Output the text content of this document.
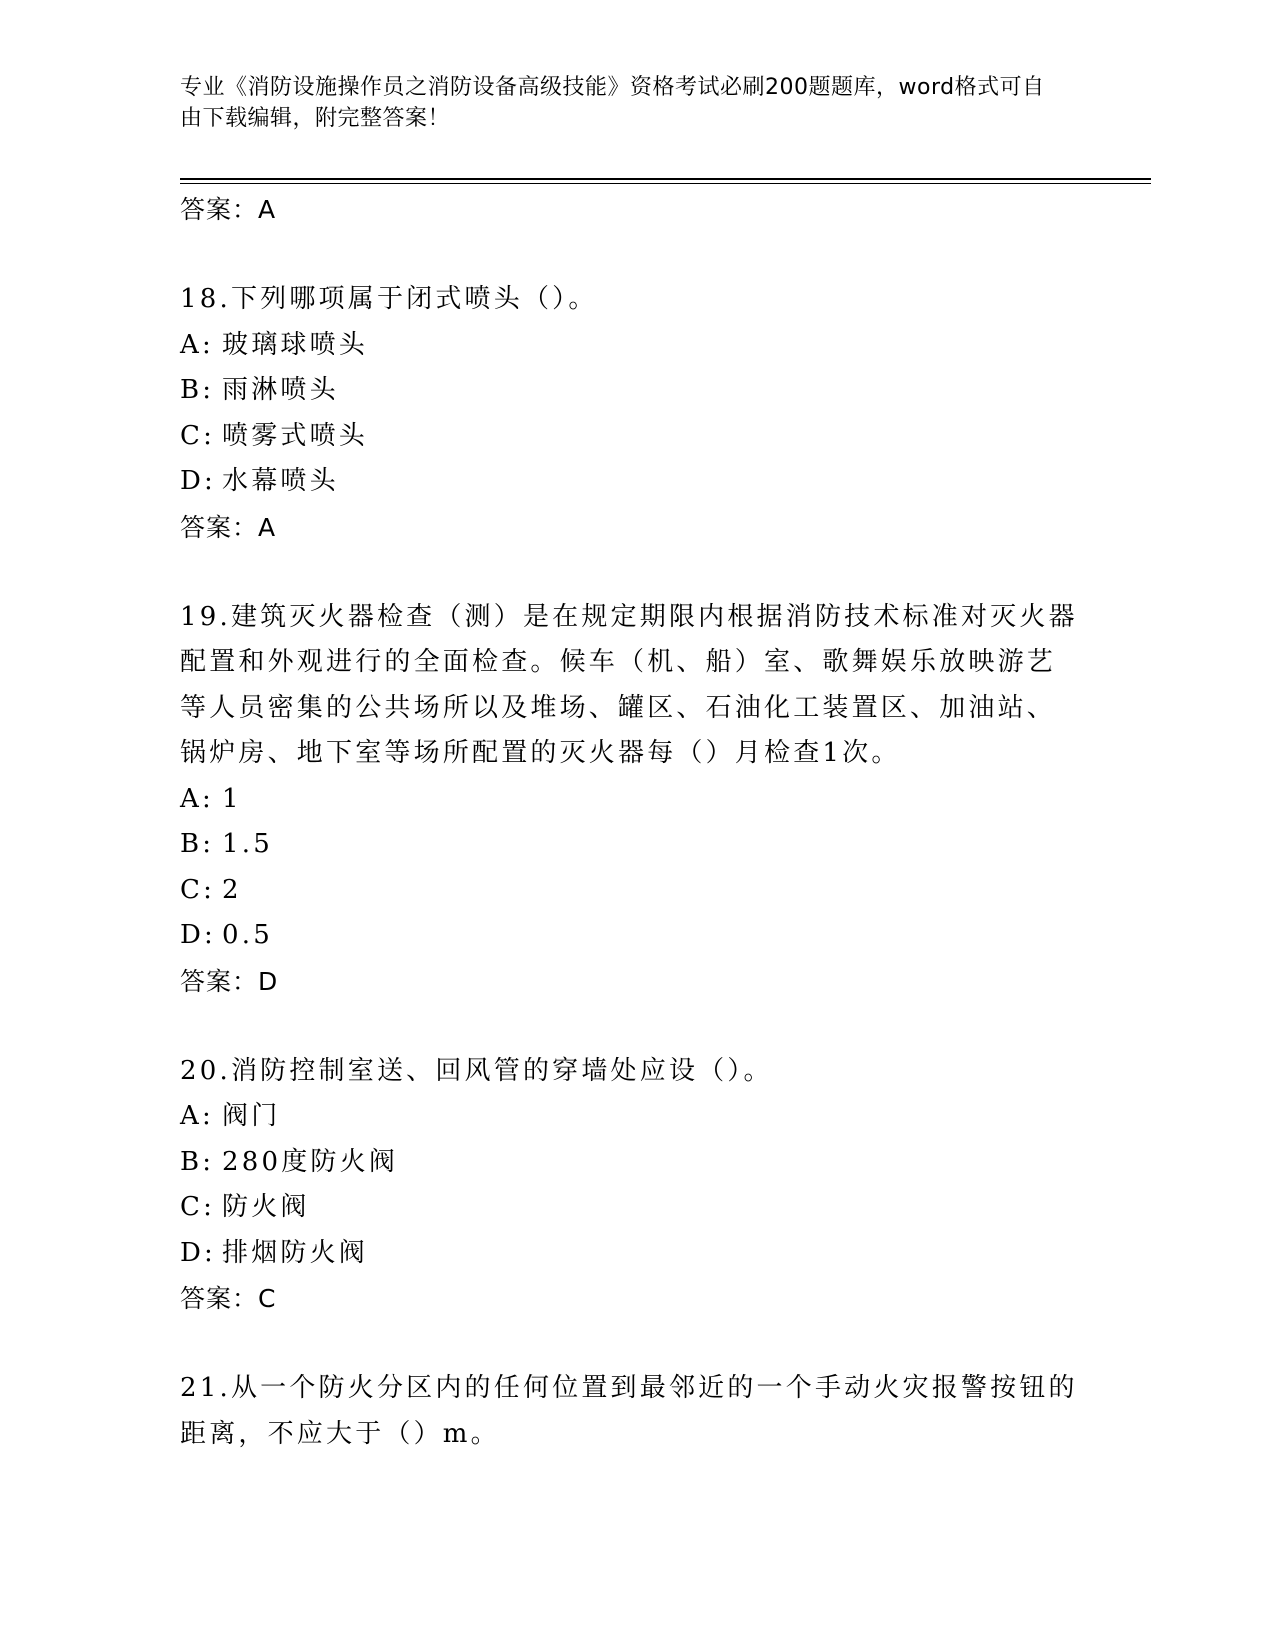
专业《消防设施操作员之消防设备高级技能》资格考试必刷200题题库，word格式可自由下载编辑，附完整答案！
答案：A
18.下列哪项属于闭式喷头（）。
A: 玻璃球喷头
B: 雨淋喷头
C: 喷雾式喷头
D: 水幕喷头
答案：A
19.建筑灭火器检查（测）是在规定期限内根据消防技术标准对灭火器配置和外观进行的全面检查。候车（机、船）室、歌舞娱乐放映游艺等人员密集的公共场所以及堆场、罐区、石油化工装置区、加油站、锅炉房、地下室等场所配置的灭火器每（）月检查1次。
A: 1
B: 1.5
C: 2
D: 0.5
答案：D
20.消防控制室送、回风管的穿墙处应设（）。
A: 阀门
B: 280度防火阀
C: 防火阀
D: 排烟防火阀
答案：C
21.从一个防火分区内的任何位置到最邻近的一个手动火灾报警按钮的距离，不应大于（）m。
